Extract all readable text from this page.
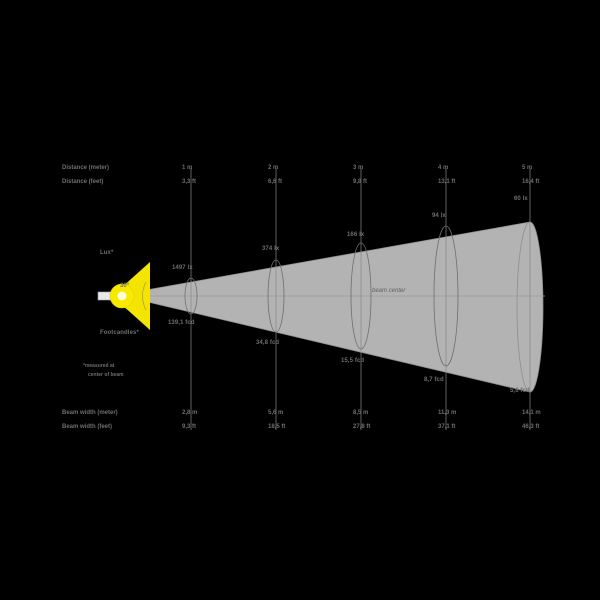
Distance (meter)
Distance (feet)
Beam width (meter)
Beam width (feet)
Lux*
30°
Footcandles*
*measured at
center of beam
beam center
1 m
3,3 ft
1497 lx
139,1 fcd
2,8 m
9,3 ft
2 m
6,6 ft
374 lx
34,8 fcd
5,6 m
18,5 ft
3 m
9,8 ft
166 lx
15,5 fcd
8,5 m
27,8 ft
4 m
13,1 ft
94 lx
8,7 fcd
11,3 m
37,1 ft
5 m
16,4 ft
60 lx
5,6 fcd
14,1 m
46,3 ft
